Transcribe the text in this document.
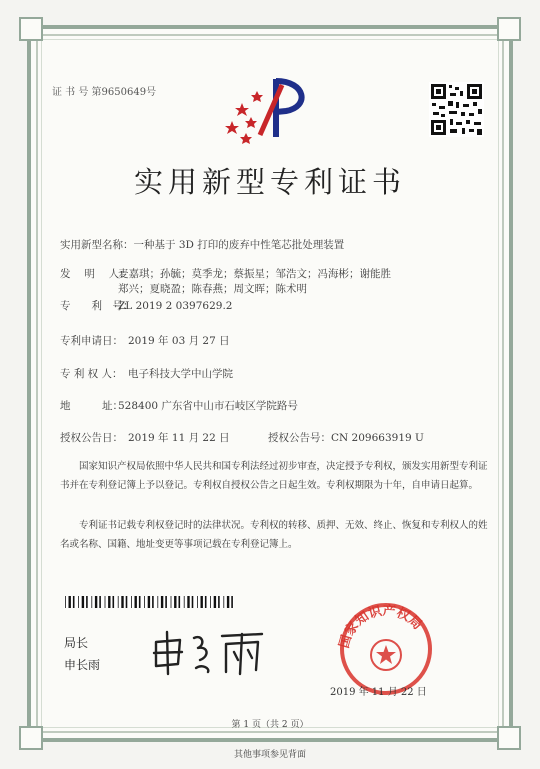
证 书 号 第9650649号
实用新型专利证书
实用新型名称：一种基于 3D 打印的废弃中性笔芯批处理装置
发　 明　 人：麦嘉琪；孙毓；莫季龙；蔡振星；邹浩文；冯海彬；谢能胜
郑兴；夏晓盈；陈春燕；周文晖；陈术明
专　　利　号：ZL 2019 2 0397629.2
专利申请日： 2019 年 03 月 27 日
专 利 权 人： 电子科技大学中山学院
地　　　址：528400 广东省中山市石岐区学院路号
授权公告日： 2019 年 11 月 22 日	授权公告号：CN 209663919 U
国家知识产权局依照中华人民共和国专利法经过初步审查，决定授予专利权，颁发实用新型专利证书并在专利登记簿上予以登记。专利权自授权公告之日起生效。专利权期限为十年，自申请日起算。
专利证书记载专利权登记时的法律状况。专利权的转移、质押、无效、终止、恢复和专利权人的姓名或名称、国籍、地址变更等事项记载在专利登记簿上。
局长
申长雨
国家知识产权局
2019 年 11 月 22 日
第 1 页（共 2 页）
其他事项参见背面
